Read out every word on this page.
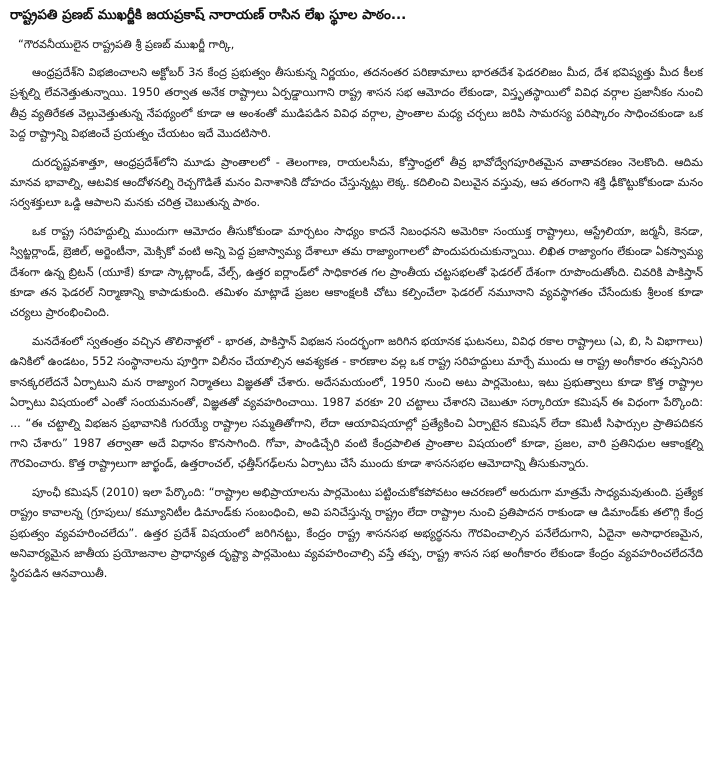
రాష్ట్రపతి ప్రణబ్ ముఖర్జీకి జయప్రకాష్ నారాయణ్ రాసిన లేఖ స్థూల పాఠం...
“గౌరవనీయులైన రాష్ట్రపతి శ్రీ ప్రణబ్ ముఖర్జీ గార్కి,

ఆంధ్రప్రదేశ్‌ని విభజించాలని అక్టోబర్ 3న కేంద్ర ప్రభుత్వం తీసుకున్న నిర్ణయం, తదనంతర పరిణామాలు భారతదేశ ఫెడరలిజం మీద, దేశ భవిష్యత్తు మీద కీలక ప్రశ్నల్ని లేవనెత్తుతున్నాయి. 1950 తర్వాత అనేక రాష్ట్రాలు ఏర్పడ్డాయిగాని రాష్ట్ర శాసన సభ ఆమోదం లేకుండా, విస్తృతస్థాయిలో వివిధ వర్గాల ప్రజానీకం నుంచి తీవ్ర వ్యతిరేకత వెల్లువెత్తుతున్న నేపథ్యంలో కూడా ఆ అంశంతో ముడిపడిన వివిధ వర్గాల, ప్రాంతాల మధ్య చర్చలు జరిపి సామరస్య పరిష్కారం సాధించకుండా ఒక పెద్ద రాష్ట్రాన్ని విభజించే ప్రయత్నం చేయటం ఇదే మొదటిసారి.

దురదృష్టవశాత్తూ, ఆంధ్రప్రదేశ్‌లోని మూడు ప్రాంతాలలో - తెలంగాణ, రాయలసీమ, కోస్తాంధ్రలో తీవ్ర భావోద్వేగపూరితమైన వాతావరణం నెలకొంది. ఆదిమ మానవ భావాల్ని, ఆటవిక ఆందోళనల్ని రెచ్చగొడితే మనం వినాశానికి దోహదం చేస్తున్నట్లు లెక్క. కదిలించి విలువైన వస్తువు, ఆప తరంగాని శక్తి ఢీకొట్టుకోకుండా మనం సర్వశక్తులూ ఒడ్డి ఆపాలని మనకు చరిత్ర చెబుతున్న పాఠం.

ఒక రాష్ట్ర సరిహద్దుల్ని ముందుగా ఆమోదం తీసుకోకుండా మార్చటం సాధ్యం కాదనే నిబంధనని అమెరికా సంయుక్త రాష్ట్రాలు, ఆస్ట్రేలియా, జర్మనీ, కెనడా, స్విట్జర్లాండ్, బ్రెజిల్, అర్జెంటీనా, మెక్సికో వంటి అన్ని పెద్ద ప్రజాస్వామ్య దేశాలూ తమ రాజ్యాంగాలలో పొందుపరుచుకున్నాయి. లిఖిత రాజ్యాంగం లేకుండా ఏకస్వామ్య దేశంగా ఉన్న బ్రిటన్ (యూకే) కూడా స్కాట్లాండ్, వేల్స్, ఉత్తర ఐర్లాండ్‌లో సాధికారత గల ప్రాంతీయ చట్టసభలతో ఫెడరల్ దేశంగా రూపొందుతోంది. చివరికి పాకిస్తాన్ కూడా తన ఫెడరల్ నిర్మాణాన్ని కాపాడుకుంది. తమిళం మాట్లాడే ప్రజల ఆకాంక్షలకి చోటు కల్పించేలా ఫెడరల్ నమూనాని వ్యవస్థాగతం చేసేందుకు శ్రీలంక కూడా చర్యలు ప్రారంభించింది.

మనదేశంలో స్వతంత్రం వచ్చిన తొలినాళ్లలో - భారత, పాకిస్తాన్ విభజన సందర్భంగా జరిగిన భయానక ఘటనలు, వివిధ రకాల రాష్ట్రాలు (ఎ, బి, సి విభాగాలు) ఉనికిలో ఉండటం, 552 సంస్థానాలను పూర్తిగా విలీనం చేయాల్సిన ఆవశ్యకత - కారణాల వల్ల ఒక రాష్ట్ర సరిహద్దులు మార్చే ముందు ఆ రాష్ట్ర అంగీకారం తప్పనిసరి కానక్కరలేదనే ఏర్పాటుని మన రాజ్యాంగ నిర్మాతలు విజ్ఞతతో చేశారు. అదేసమయంలో, 1950 నుంచి అటు పార్లమెంటు, ఇటు ప్రభుత్వాలు కూడా కొత్త రాష్ట్రాల ఏర్పాటు విషయంలో ఎంతో సంయమనంతో, విజ్ఞతతో వ్యవహరించాయి. 1987 వరకూ 20 చట్టాలు చేశారని చెబుతూ సర్కారియా కమిషన్ ఈ విధంగా పేర్కొంది: ... “ఈ చట్టాల్ని విభజన ప్రభావానికి గురయ్యే రాష్ట్రాల సమ్మతితోగాని, లేదా ఆయావిషయాల్లో ప్రత్యేకించి ఏర్పాటైన కమిషన్ లేదా కమిటీ సిఫార్సుల ప్రాతిపదికన గాని చేశారు” 1987 తర్వాతా అదే విధానం కొనసాగింది. గోవా, పాండిచ్చేరి వంటి కేంద్రపాలిత ప్రాంతాల విషయంలో కూడా, ప్రజల, వారి ప్రతినిధుల ఆకాంక్షల్ని గౌరవించారు. కొత్త రాష్ట్రాలుగా జార్ఖండ్, ఉత్తరాంచల్, ఛత్తీస్‌గఢ్‌లను ఏర్పాటు చేసే ముందు కూడా శాసనసభల ఆమోదాన్ని తీసుకున్నారు.

పూంఛీ కమిషన్ (2010) ఇలా పేర్కొంది: “రాష్ట్రాల అభిప్రాయాలను పార్లమెంటు పట్టించుకోకపోవటం ఆచరణలో అరుదుగా మాత్రమే సాధ్యమవుతుంది. ప్రత్యేక రాష్ట్రం కావాలన్న (గ్రూపులు/ కమ్యూనిటీల డిమాండ్‌కు సంబంధించి, అవి పనిచేస్తున్న రాష్ట్రం లేదా రాష్ట్రాల నుంచి ప్రతిపాదన రాకుండా ఆ డిమాండ్‌కు తలొగ్గి కేంద్ర ప్రభుత్వం వ్యవహరించలేదు”. ఉత్తర ప్రదేశ్ విషయంలో జరిగినట్టు, కేంద్రం రాష్ట్ర శాసనసభ అభ్యర్థనను గౌరవించాల్సిన పనేలేదుగాని, ఏదైనా అసాధారణమైన, అనివార్యమైన జాతీయ ప్రయోజనాల ప్రాధాన్యత దృష్ట్యా పార్లమెంటు వ్యవహరించాల్సి వస్తే తప్ప, రాష్ట్ర శాసన సభ అంగీకారం లేకుండా కేంద్రం వ్యవహరించలేదనేది స్థిరపడిన ఆనవాయితీ.
